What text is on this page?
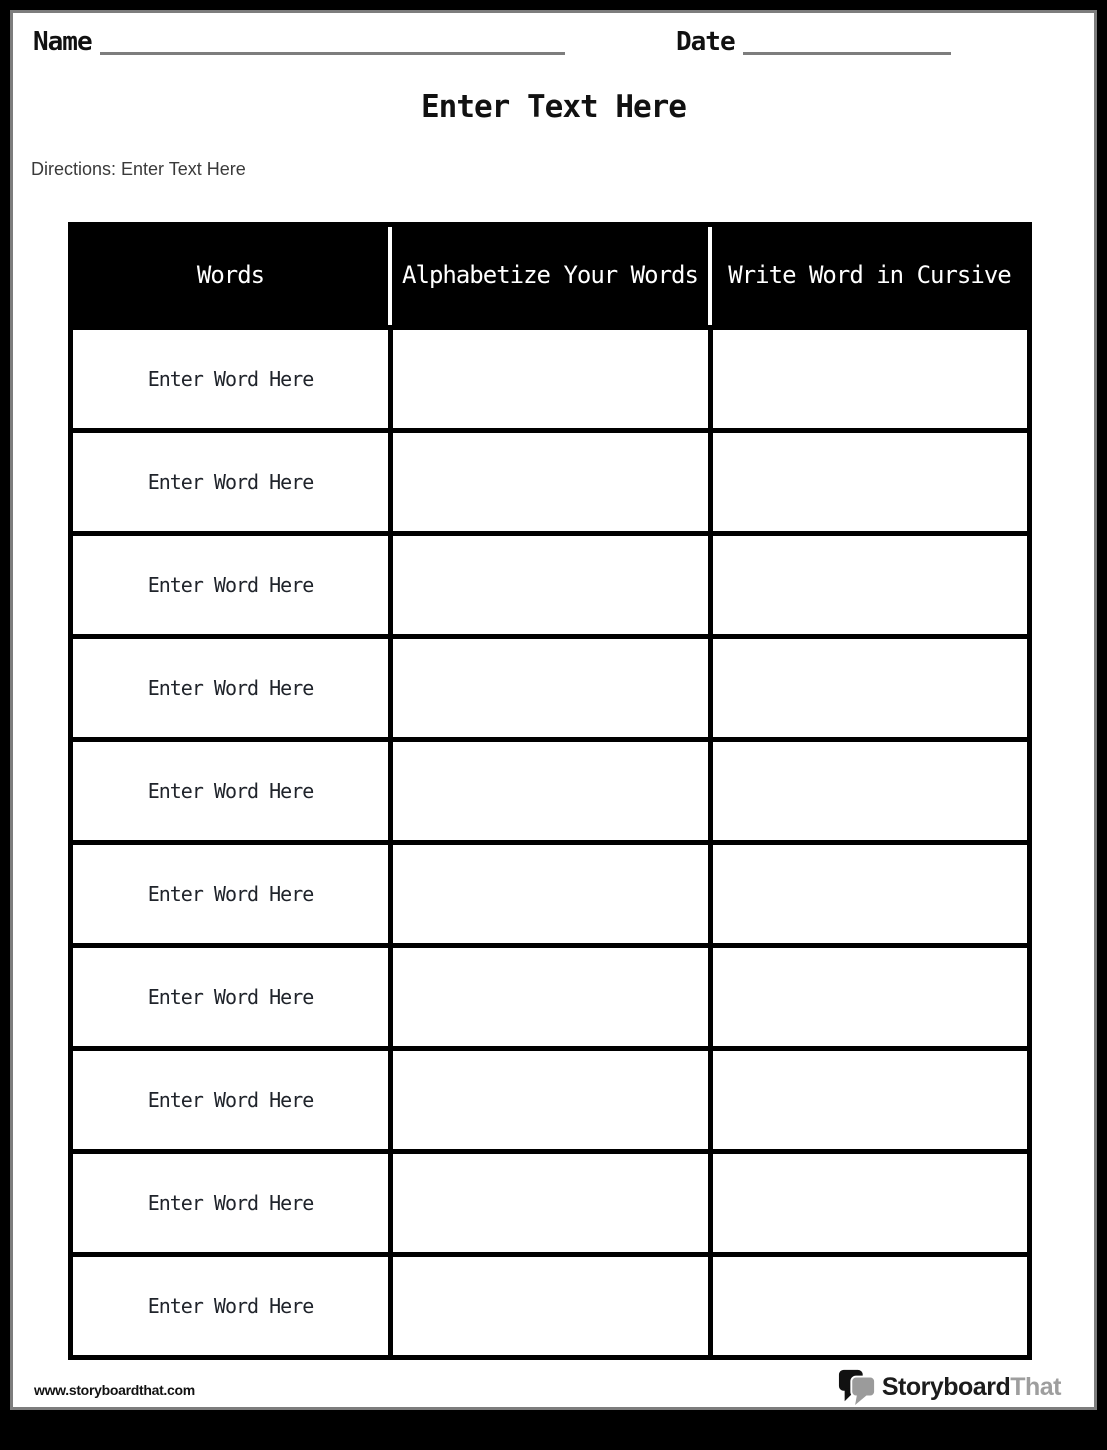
Name	Date
Enter Text Here
Directions: Enter Text Here
Words	Alphabetize Your Words	Write Word in Cursive
Enter Word Here
Enter Word Here
Enter Word Here
Enter Word Here
Enter Word Here
Enter Word Here
Enter Word Here
Enter Word Here
Enter Word Here
Enter Word Here
www.storyboardthat.com	StoryboardThat
